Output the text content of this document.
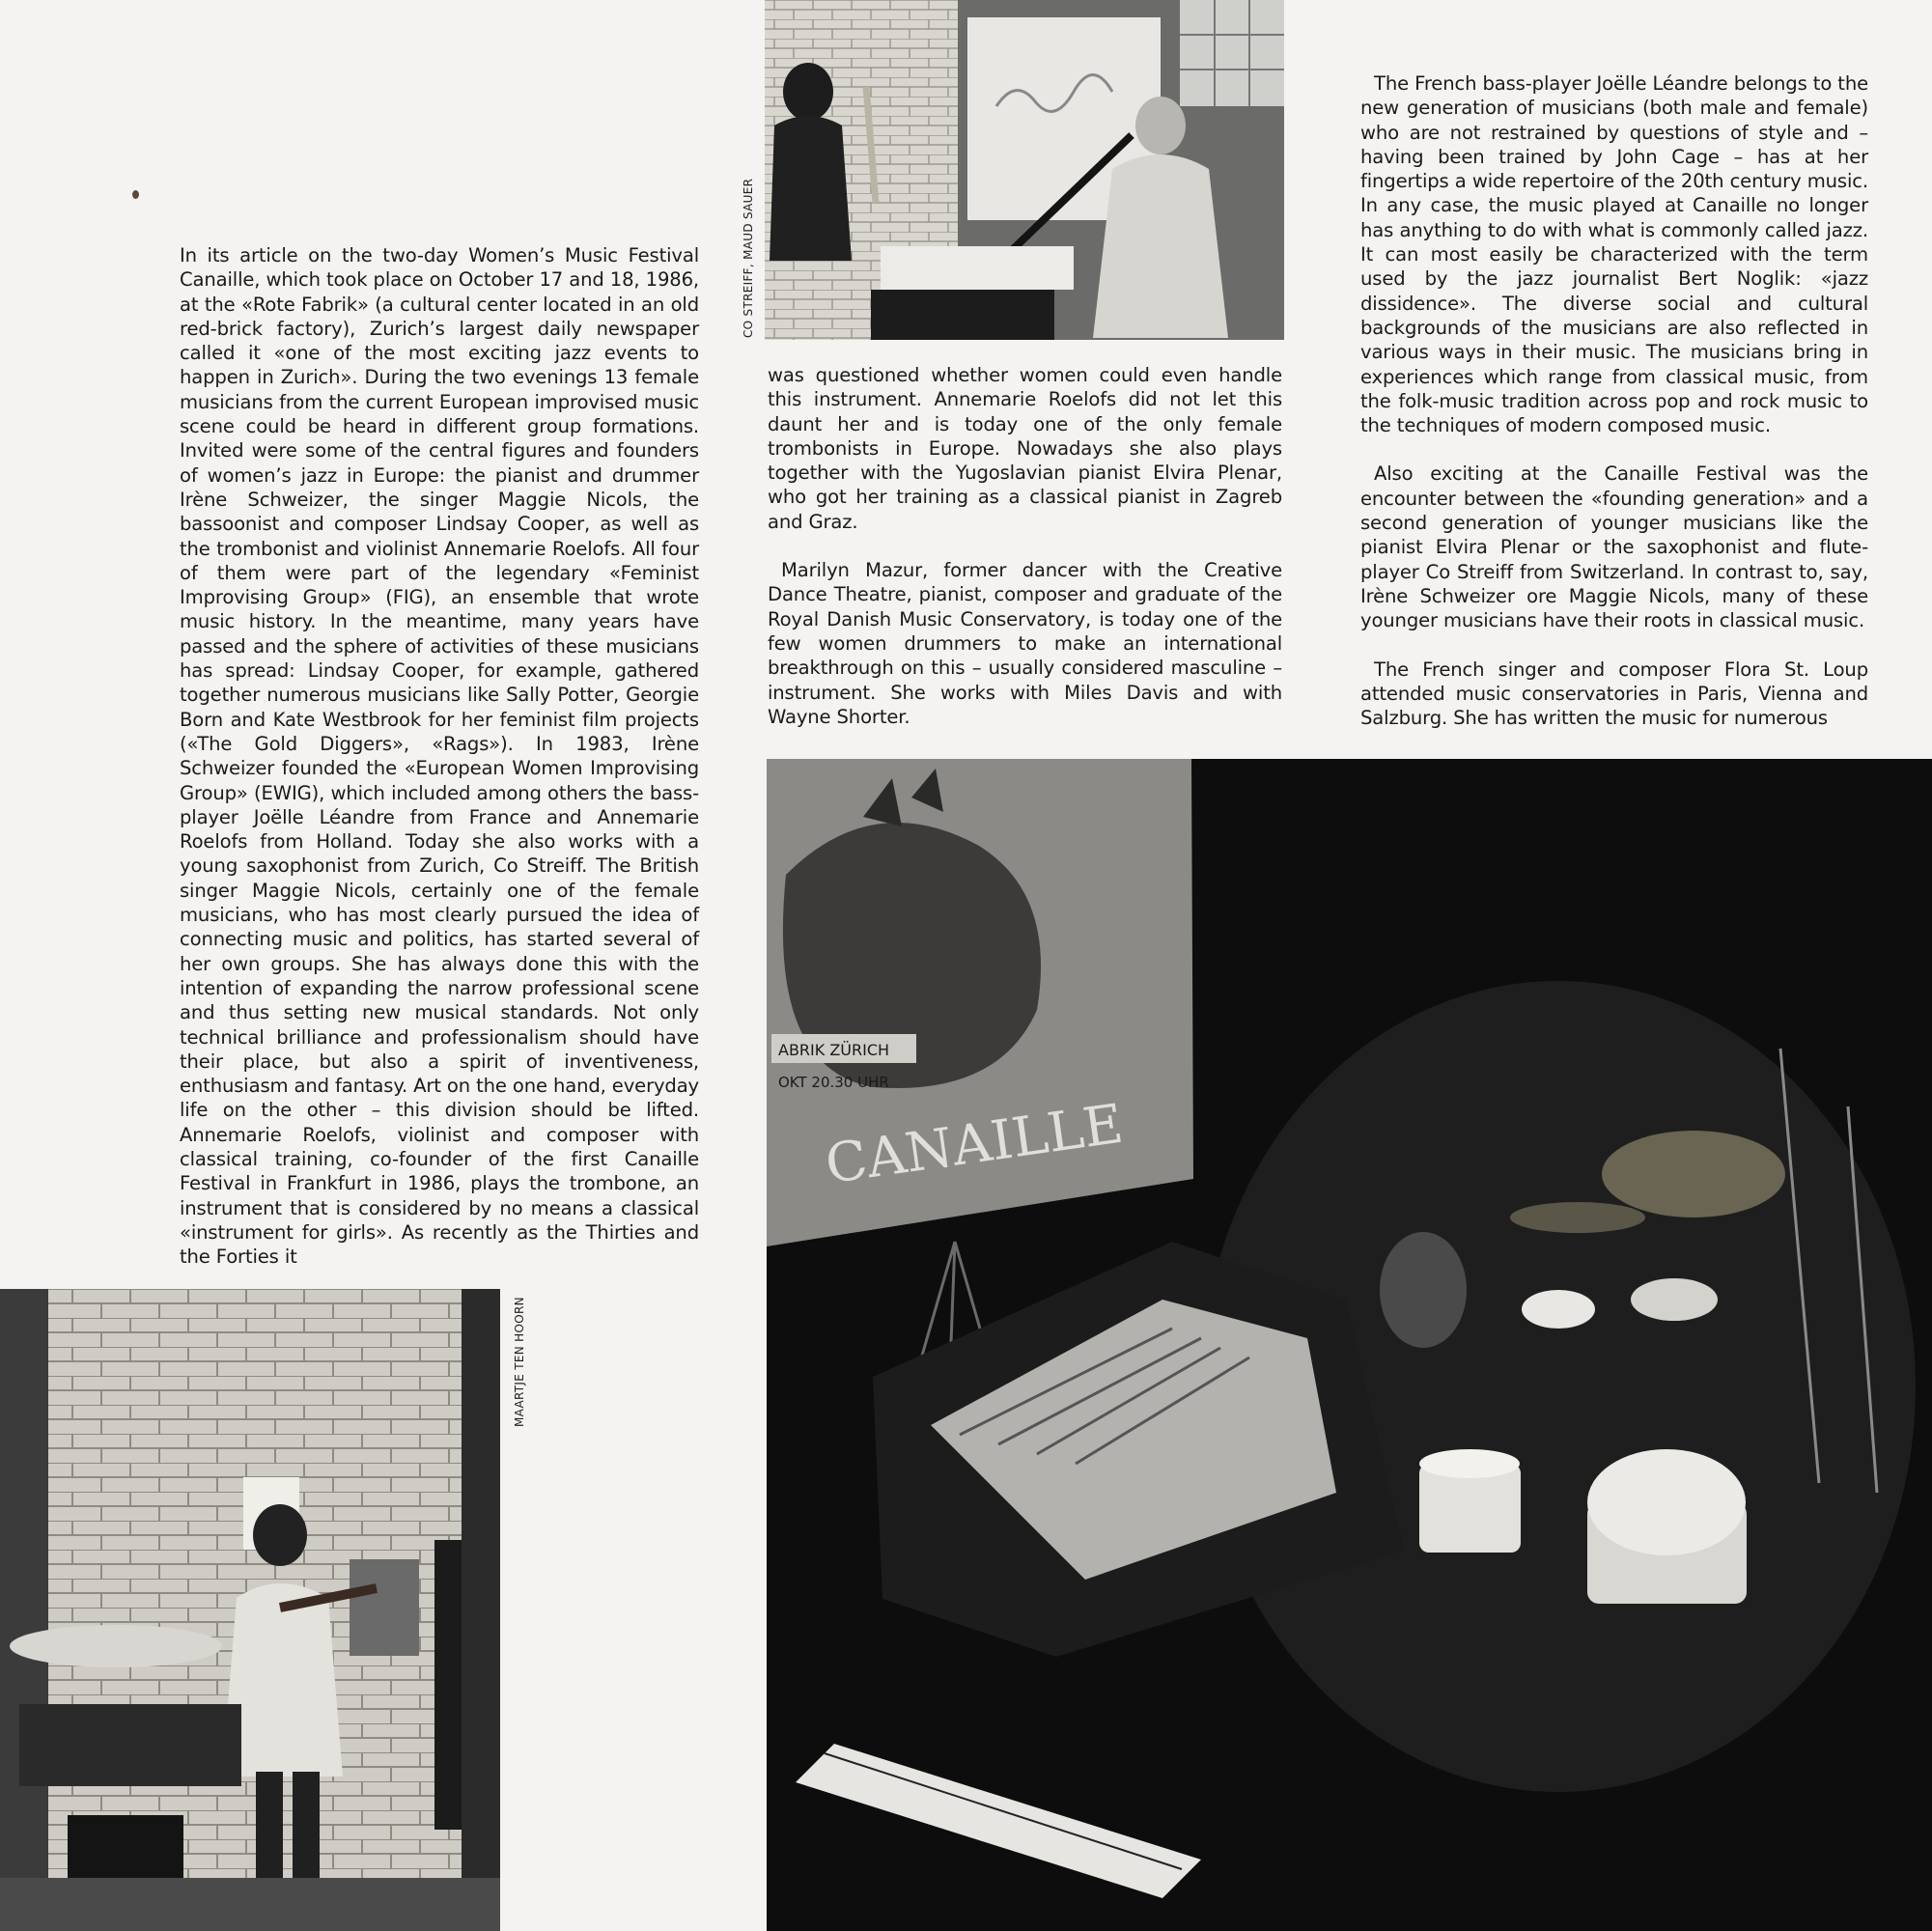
In its article on the two-day Women’s Music Festival Canaille, which took place on October 17 and 18, 1986, at the «Rote Fabrik» (a cultural center located in an old red-brick factory), Zurich’s largest daily newspaper called it «one of the most exciting jazz events to happen in Zurich». During the two evenings 13 female musicians from the current European improvised music scene could be heard in different group formations. Invited were some of the central figures and founders of women’s jazz in Europe: the pianist and drummer Irène Schweizer, the singer Maggie Nicols, the bassoonist and composer Lindsay Cooper, as well as the trombonist and violinist Annemarie Roelofs. All four of them were part of the legendary «Feminist Improvising Group» (FIG), an ensemble that wrote music history. In the meantime, many years have passed and the sphere of activities of these musicians has spread: Lindsay Cooper, for example, gathered together numerous musicians like Sally Potter, Georgie Born and Kate Westbrook for her feminist film projects («The Gold Diggers», «Rags»). In 1983, Irène Schweizer founded the «European Women Improvising Group» (EWIG), which included among others the bass-player Joëlle Léandre from France and Annemarie Roelofs from Holland. Today she also works with a young saxophonist from Zurich, Co Streiff. The British singer Maggie Nicols, certainly one of the female musicians, who has most clearly pursued the idea of connecting music and politics, has started several of her own groups. She has always done this with the intention of expanding the narrow professional scene and thus setting new musical standards. Not only technical brilliance and professionalism should have their place, but also a spirit of inventiveness, enthusiasm and fantasy. Art on the one hand, everyday life on the other – this division should be lifted. Annemarie Roelofs, violinist and composer with classical training, co-founder of the first Canaille Festival in Frankfurt in 1986, plays the trombone, an instrument that is considered by no means a classical «instrument for girls». As recently as the Thirties and the Forties it

CO STREIFF, MAUD SAUER

was questioned whether women could even handle this instrument. Annemarie Roelofs did not let this daunt her and is today one of the only female trombonists in Europe. Nowadays she also plays together with the Yugoslavian pianist Elvira Plenar, who got her training as a classical pianist in Zagreb and Graz.

Marilyn Mazur, former dancer with the Creative Dance Theatre, pianist, composer and graduate of the Royal Danish Music Conservatory, is today one of the few women drummers to make an international breakthrough on this – usually considered masculine – instrument. She works with Miles Davis and with Wayne Shorter.

The French bass-player Joëlle Léandre belongs to the new generation of musicians (both male and female) who are not restrained by questions of style and – having been trained by John Cage – has at her fingertips a wide repertoire of the 20th century music. In any case, the music played at Canaille no longer has anything to do with what is commonly called jazz. It can most easily be characterized with the term used by the jazz journalist Bert Noglik: «jazz dissidence». The diverse social and cultural backgrounds of the musicians are also reflected in various ways in their music. The musicians bring in experiences which range from classical music, from the folk-music tradition across pop and rock music to the techniques of modern composed music.

Also exciting at the Canaille Festival was the encounter between the «founding generation» and a second generation of younger musicians like the pianist Elvira Plenar or the saxophonist and flute-player Co Streiff from Switzerland. In contrast to, say, Irène Schweizer ore Maggie Nicols, many of these younger musicians have their roots in classical music.

The French singer and composer Flora St. Loup attended music conservatories in Paris, Vienna and Salzburg. She has written the music for numerous

MAARTJE TEN HOORN
ABRIK ZÜRICH
OKT 20.30 UHR
CANAILLE
